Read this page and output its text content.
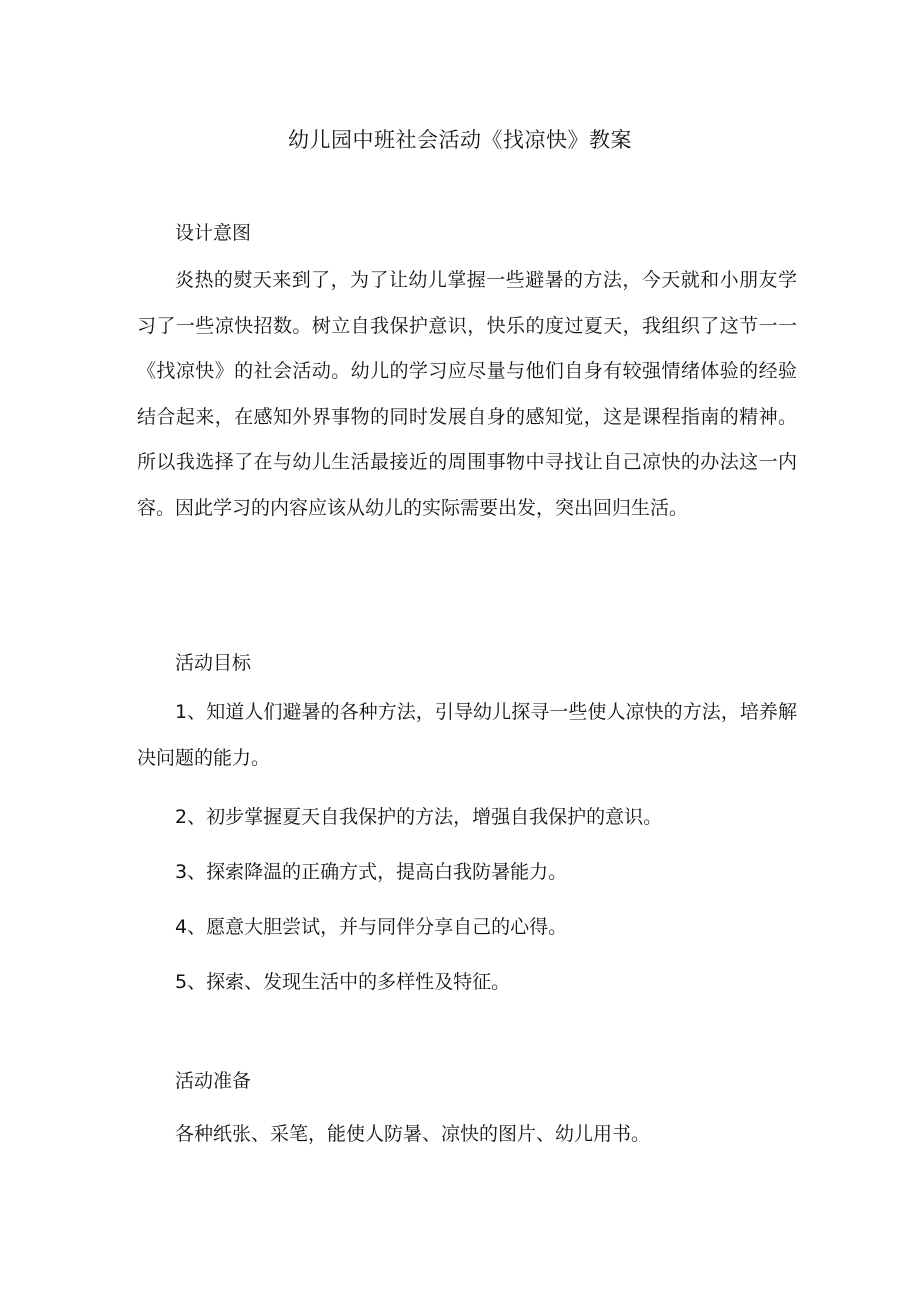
幼儿园中班社会活动《找凉快》教案
设计意图

炎热的熨天来到了，为了让幼儿掌握一些避暑的方法，今天就和小朋友学习了一些凉快招数。树立自我保护意识，快乐的度过夏天，我组织了这节一一《找凉快》的社会活动。幼儿的学习应尽量与他们自身有较强情绪体验的经验结合起来，在感知外界事物的同时发展自身的感知觉，这是课程指南的精神。所以我选择了在与幼儿生活最接近的周围事物中寻找让自己凉快的办法这一内容。因此学习的内容应该从幼儿的实际需要出发，突出回归生活。

活动目标

1、知道人们避暑的各种方法，引导幼儿探寻一些使人凉快的方法，培养解决问题的能力。

2、初步掌握夏天自我保护的方法，增强自我保护的意识。

3、探索降温的正确方式，提高白我防暑能力。

4、愿意大胆尝试，并与同伴分享自己的心得。

5、探索、发现生活中的多样性及特征。

活动准备

各种纸张、采笔，能使人防暑、凉快的图片、幼儿用书。
